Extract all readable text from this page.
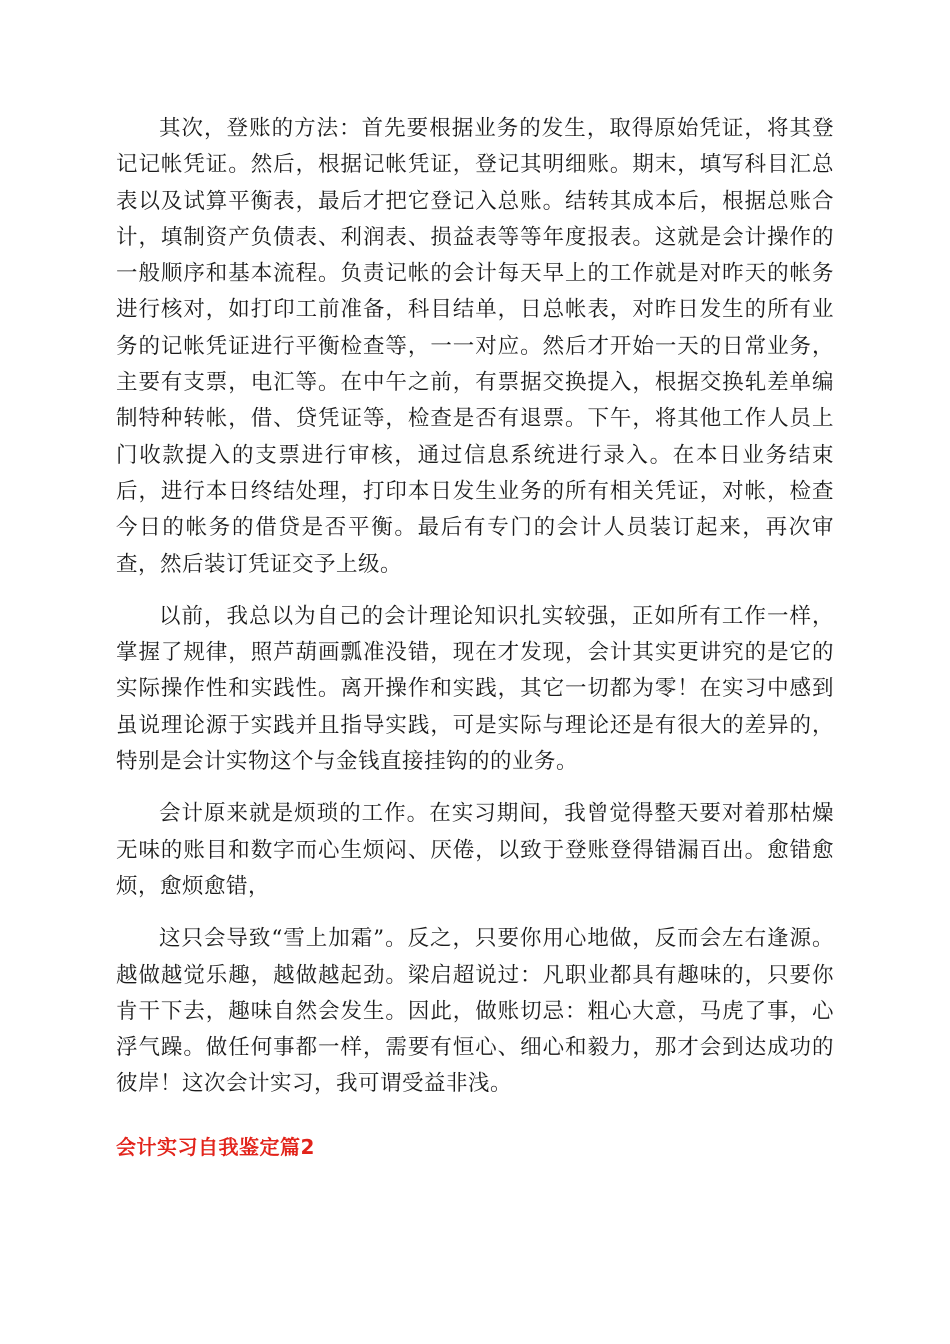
其次，登账的方法：首先要根据业务的发生，取得原始凭证，将其登记记帐凭证。然后，根据记帐凭证，登记其明细账。期末，填写科目汇总表以及试算平衡表，最后才把它登记入总账。结转其成本后，根据总账合计，填制资产负债表、利润表、损益表等等年度报表。这就是会计操作的一般顺序和基本流程。负责记帐的会计每天早上的工作就是对昨天的帐务进行核对，如打印工前准备，科目结单，日总帐表，对昨日发生的所有业务的记帐凭证进行平衡检查等，一一对应。然后才开始一天的日常业务，主要有支票，电汇等。在中午之前，有票据交换提入，根据交换轧差单编制特种转帐，借、贷凭证等，检查是否有退票。下午，将其他工作人员上门收款提入的支票进行审核，通过信息系统进行录入。在本日业务结束后，进行本日终结处理，打印本日发生业务的所有相关凭证，对帐，检查今日的帐务的借贷是否平衡。最后有专门的会计人员装订起来，再次审查，然后装订凭证交予上级。

以前，我总以为自己的会计理论知识扎实较强，正如所有工作一样，掌握了规律，照芦葫画瓢准没错，现在才发现，会计其实更讲究的是它的实际操作性和实践性。离开操作和实践，其它一切都为零！在实习中感到虽说理论源于实践并且指导实践，可是实际与理论还是有很大的差异的，特别是会计实物这个与金钱直接挂钩的的业务。

会计原来就是烦琐的工作。在实习期间，我曾觉得整天要对着那枯燥无味的账目和数字而心生烦闷、厌倦，以致于登账登得错漏百出。愈错愈烦，愈烦愈错，

这只会导致“雪上加霜”。反之，只要你用心地做，反而会左右逢源。越做越觉乐趣，越做越起劲。梁启超说过：凡职业都具有趣味的，只要你肯干下去，趣味自然会发生。因此，做账切忌：粗心大意，马虎了事，心浮气躁。做任何事都一样，需要有恒心、细心和毅力，那才会到达成功的彼岸！这次会计实习，我可谓受益非浅。

会计实习自我鉴定篇2
